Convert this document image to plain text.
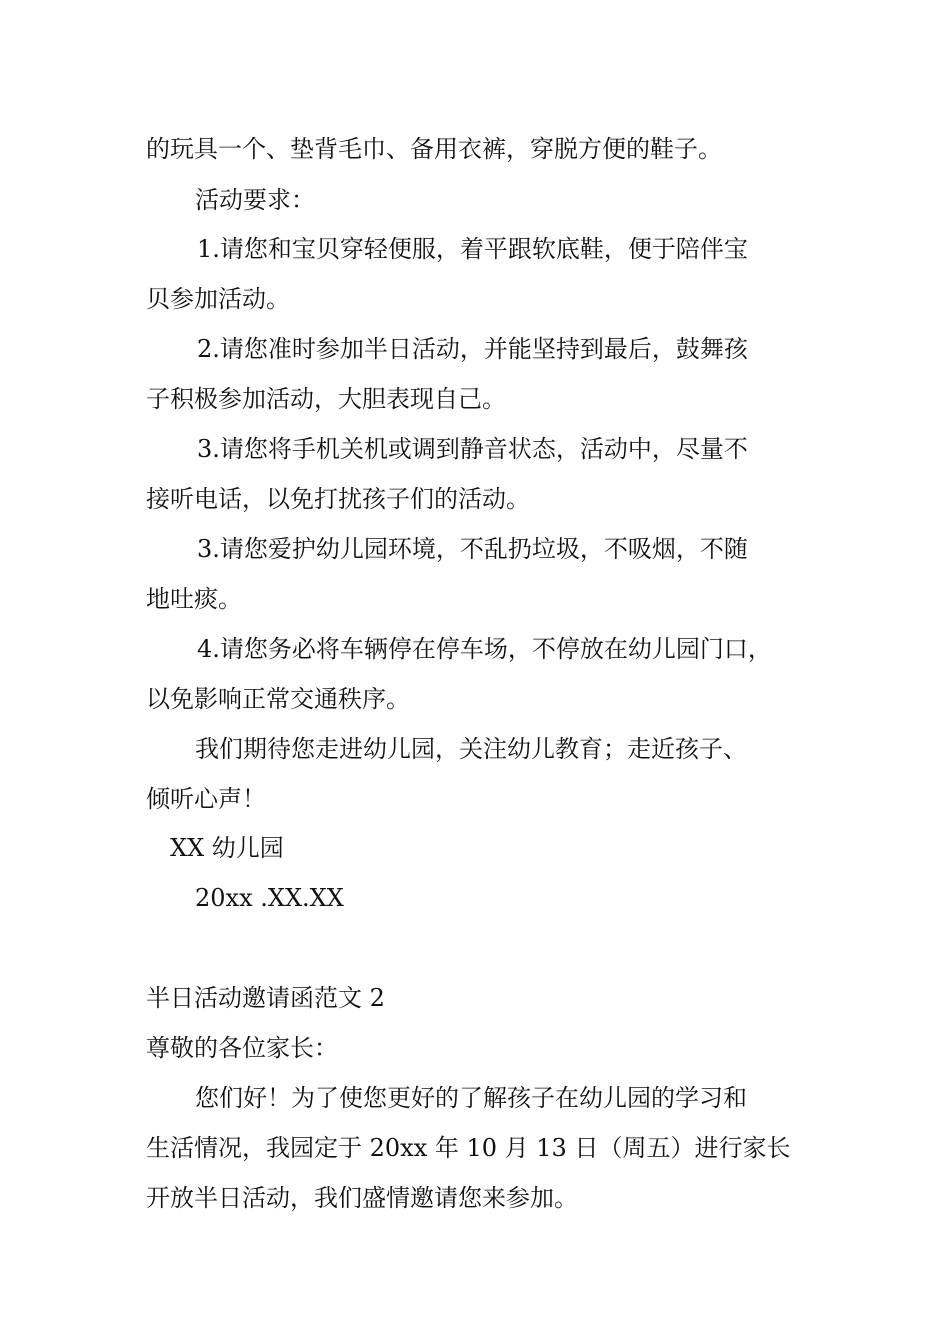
的玩具一个、垫背毛巾、备用衣裤，穿脱方便的鞋子。
活动要求：
1.请您和宝贝穿轻便服，着平跟软底鞋，便于陪伴宝
贝参加活动。
2.请您准时参加半日活动，并能坚持到最后，鼓舞孩
子积极参加活动，大胆表现自己。
3.请您将手机关机或调到静音状态，活动中，尽量不
接听电话，以免打扰孩子们的活动。
3.请您爱护幼儿园环境，不乱扔垃圾，不吸烟，不随
地吐痰。
4.请您务必将车辆停在停车场，不停放在幼儿园门口，
以免影响正常交通秩序。
我们期待您走进幼儿园，关注幼儿教育；走近孩子、
倾听心声！
XX 幼儿园
20xx .XX.XX
半日活动邀请函范文 2
尊敬的各位家长：
您们好！为了使您更好的了解孩子在幼儿园的学习和
生活情况，我园定于 20xx 年 10 月 13 日（周五）进行家长
开放半日活动，我们盛情邀请您来参加。
